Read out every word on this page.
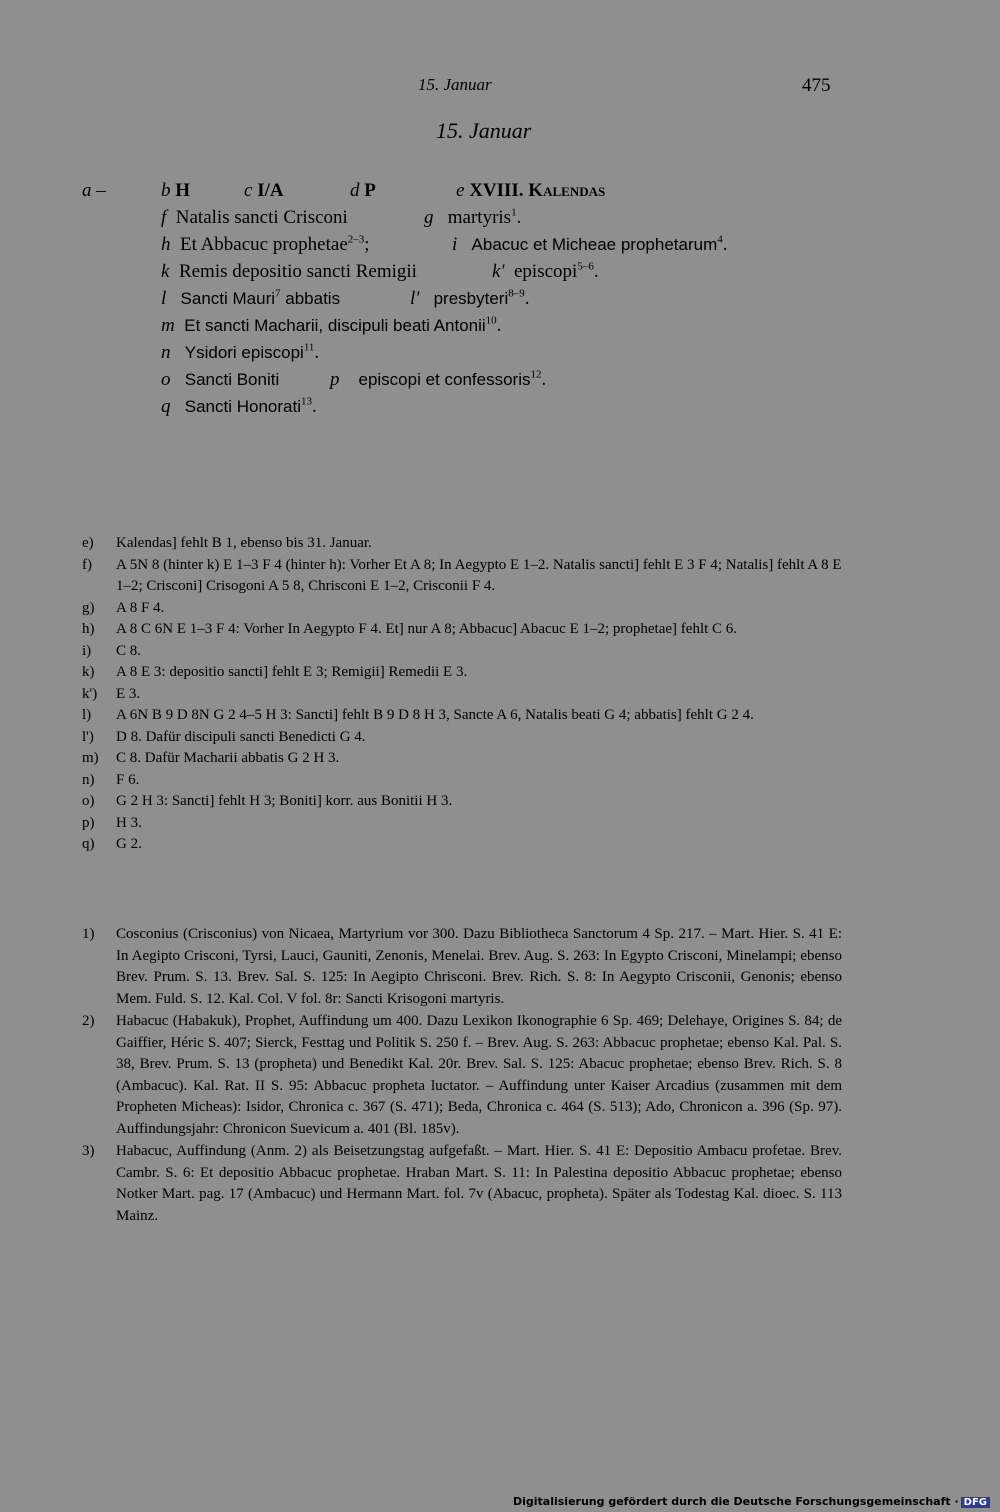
15. Januar	475
15. Januar
a –	b H	c I/A	d P	e XVIII. Kalendas
f Natalis sancti Crisconi	g martyris$^1$.
h Et Abbacuc prophetae$^{2-3}$;	i Abacuc et Micheae prophetarum$^4$.
k Remis depositio sancti Remigii	k' episcopi$^{5-6}$.
l Sancti Mauri$^7$ abbatis	l' presbyteri$^{8-9}$.
m Et sancti Macharii, discipuli beati Antonii$^{10}$.
n Ysidori episcopi$^{11}$.
o Sancti Boniti	p episcopi et confessoris$^{12}$.
q Sancti Honorati$^{13}$.
e)	Kalendas] fehlt B 1, ebenso bis 31. Januar.
f)	A 5N 8 (hinter k) E 1–3 F 4 (hinter h): Vorher Et A 8; In Aegypto E 1–2. Natalis sancti] fehlt E 3 F 4; Natalis] fehlt A 8 E 1–2; Crisconi] Crisogoni A 5 8, Chrisconi E 1–2, Crisconii F 4.
g)	A 8 F 4.
h)	A 8 C 6N E 1–3 F 4: Vorher In Aegypto F 4. Et] nur A 8; Abbacuc] Abacuc E 1–2; prophetae] fehlt C 6.
i)	C 8.
k)	A 8 E 3: depositio sancti] fehlt E 3; Remigii] Remedii E 3.
k')	E 3.
l)	A 6N B 9 D 8N G 2 4–5 H 3: Sancti] fehlt B 9 D 8 H 3, Sancte A 6, Natalis beati G 4; abbatis] fehlt G 2 4.
l')	D 8. Dafür discipuli sancti Benedicti G 4.
m)	C 8. Dafür Macharii abbatis G 2 H 3.
n)	F 6.
o)	G 2 H 3: Sancti] fehlt H 3; Boniti] korr. aus Bonitii H 3.
p)	H 3.
q)	G 2.
1)	Cosconius (Crisconius) von Nicaea, Martyrium vor 300. Dazu Bibliotheca Sanctorum 4 Sp. 217. – Mart. Hier. S. 41 E: In Aegipto Crisconi, Tyrsi, Lauci, Gauniti, Zenonis, Menelai. Brev. Aug. S. 263: In Egypto Crisconi, Minelampi; ebenso Brev. Prum. S. 13. Brev. Sal. S. 125: In Aegipto Chrisconi. Brev. Rich. S. 8: In Aegypto Crisconii, Genonis; ebenso Mem. Fuld. S. 12. Kal. Col. V fol. 8r: Sancti Krisogoni martyris.
2)	Habacuc (Habakuk), Prophet, Auffindung um 400. Dazu Lexikon Ikonographie 6 Sp. 469; Delehaye, Origines S. 84; de Gaiffier, Héric S. 407; Sierck, Festtag und Politik S. 250 f. – Brev. Aug. S. 263: Abbacuc prophetae; ebenso Kal. Pal. S. 38, Brev. Prum. S. 13 (propheta) und Benedikt Kal. 20r. Brev. Sal. S. 125: Abacuc prophetae; ebenso Brev. Rich. S. 8 (Ambacuc). Kal. Rat. II S. 95: Abbacuc propheta luctator. – Auffindung unter Kaiser Arcadius (zusammen mit dem Propheten Micheas): Isidor, Chronica c. 367 (S. 471); Beda, Chronica c. 464 (S. 513); Ado, Chronicon a. 396 (Sp. 97). Auffindungsjahr: Chronicon Suevicum a. 401 (Bl. 185v).
3)	Habacuc, Auffindung (Anm. 2) als Beisetzungstag aufgefaßt. – Mart. Hier. S. 41 E: Depositio Ambacu profetae. Brev. Cambr. S. 6: Et depositio Abbacuc prophetae. Hraban Mart. S. 11: In Palestina depositio Abbacuc prophetae; ebenso Notker Mart. pag. 17 (Ambacuc) und Hermann Mart. fol. 7v (Abacuc, propheta). Später als Todestag Kal. dioec. S. 113 Mainz.
Digitalisierung gefördert durch die Deutsche Forschungsgemeinschaft · DFG
